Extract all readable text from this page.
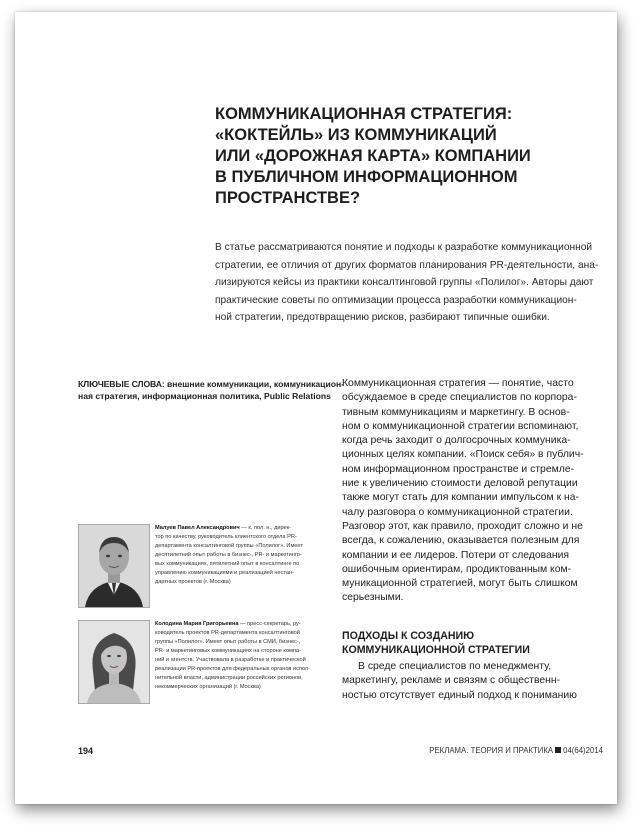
КОММУНИКАЦИОННАЯ СТРАТЕГИЯ:
«КОКТЕЙЛЬ» ИЗ КОММУНИКАЦИЙ
ИЛИ «ДОРОЖНАЯ КАРТА» КОМПАНИИ
В ПУБЛИЧНОМ ИНФОРМАЦИОННОМ
ПРОСТРАНСТВЕ?

В статье рассматриваются понятие и подходы к разработке коммуникационной
стратегии, ее отличия от других форматов планирования PR-деятельности, ана-
лизируются кейсы из практики консалтинговой группы «Полилог». Авторы дают
практические советы по оптимизации процесса разработки коммуникацион-
ной стратегии, предотвращению рисков, разбирают типичные ошибки.

КЛЮЧЕВЫЕ СЛОВА: внешние коммуникации, коммуникацион-
ная стратегия, информационная политика, Public Relations
Малуев Павел Александрович — к. пол. н., дирек-
тор по качеству, руководитель клиентского отдела PR-
департамента консалтинговой группы «Полилог». Имеет
десятилетний опыт работы в бизнес-, PR- и маркетинго-
вых коммуникациях, пятилетний опыт в консалтинге по
управлению коммуникациями и реализацией нестан-
дартных проектов (г. Москва)
Колодина Мария Григорьевна — пресс-секретарь, ру-
ководитель проектов PR-департамента консалтинговой
группы «Полилог». Имеет опыт работы в СМИ, бизнес-,
PR- и маркетинговых коммуникациях на стороне компа-
ний и агентств. Участвовала в разработке и практической
реализации PR-проектов для федеральных органов испол-
нительной власти, администрации российских регионов,
некоммерческих организаций (г. Москва)
Коммуникационная стратегия — понятие, часто
обсуждаемое в среде специалистов по корпора-
тивным коммуникациям и маркетингу. В основ-
ном о коммуникационной стратегии вспоминают,
когда речь заходит о долгосрочных коммуника-
ционных целях компании. «Поиск себя» в публич-
ном информационном пространстве и стремле-
ние к увеличению стоимости деловой репутации
также могут стать для компании импульсом к на-
чалу разговора о коммуникационной стратегии.
Разговор этот, как правило, проходит сложно и не
всегда, к сожалению, оказывается полезным для
компании и ее лидеров. Потери от следования
ошибочным ориентирам, продиктованным ком-
муникационной стратегией, могут быть слишком
серьезными.
ПОДХОДЫ К СОЗДАНИЮ
КОММУНИКАЦИОННОЙ СТРАТЕГИИ
В среде специалистов по менеджменту,
маркетингу, рекламе и связям с общественн-
ностью отсутствует единый подход к пониманию
194	РЕКЛАМА. ТЕОРИЯ И ПРАКТИКА 04(64)2014
